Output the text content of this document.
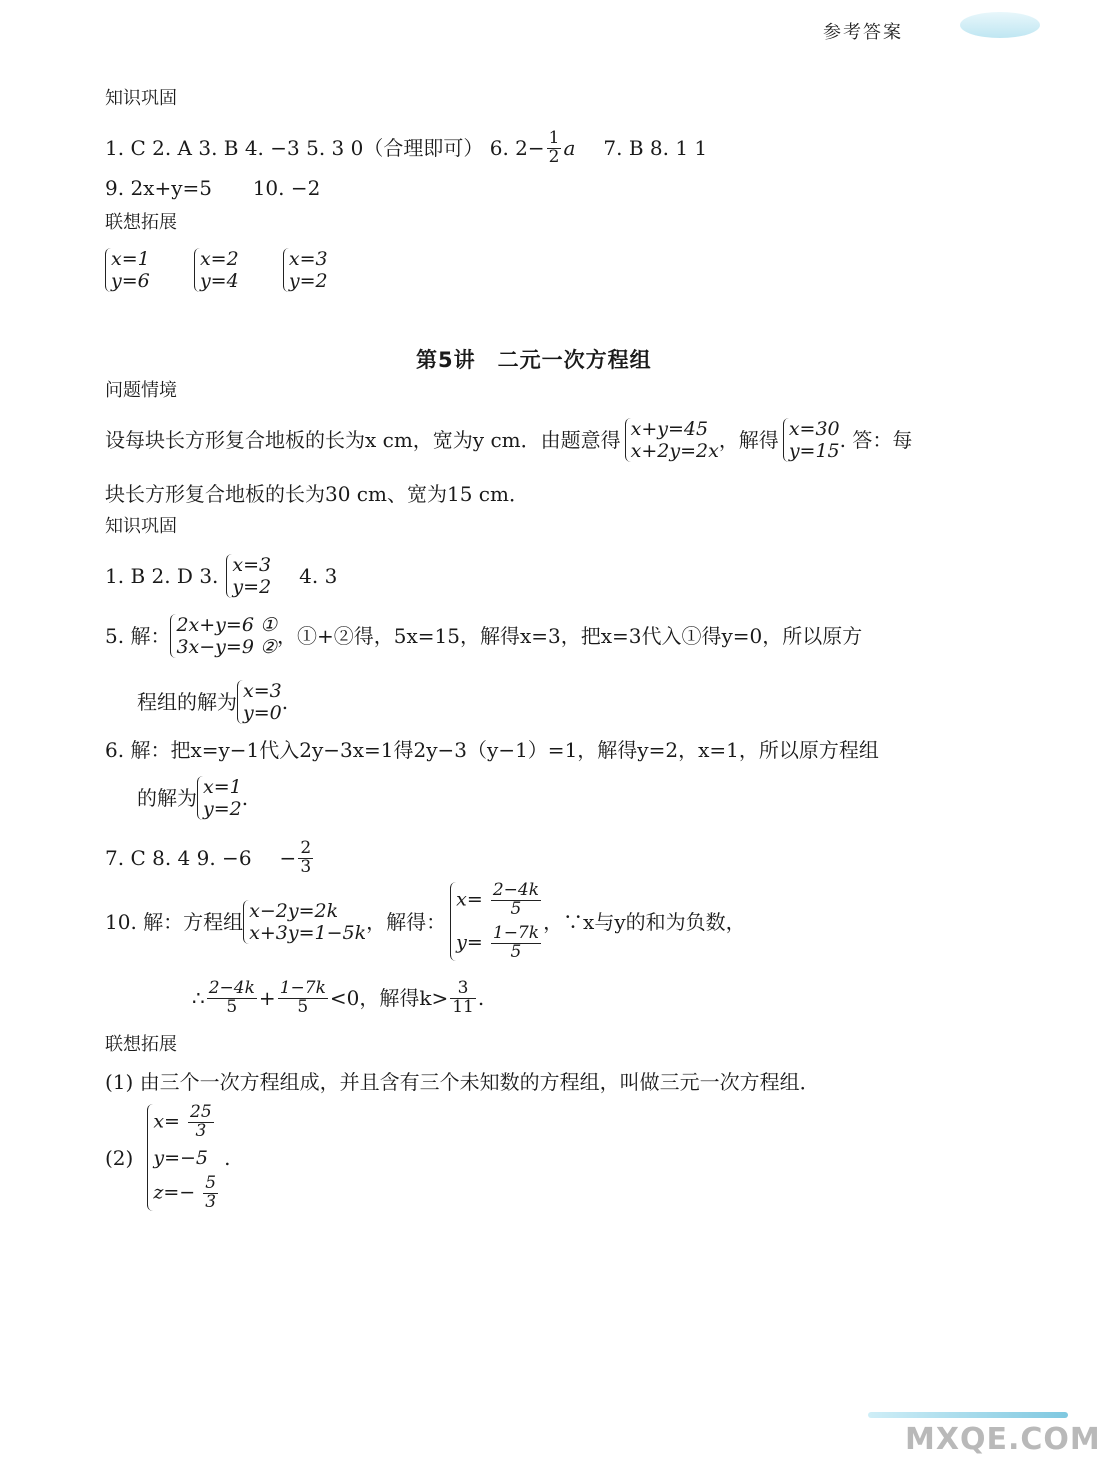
参考答案
知识巩固
1. C 2. A 3. B 4. −3 5. 3 0（合理即可） 6. $2- \frac{1}{2}$ a 7. B 8. 1 1
9. 2x+y=5 10. −2
联想拓展
x=1
y=6

x=2
y=4

x=3
y=2
第5讲　二元一次方程组
问题情境
设每块长方形复合地板的长为x cm，宽为y cm．由题意得 x+y=45
x+2y=2x ，解得 x=30
y=15 . 答：每
块长方形复合地板的长为30 cm、宽为15 cm．
知识巩固
1. B 2. D 3. x=3
y=2 4. 3
5. 解： 2x+y=6 ①
3x−y=9 ② ，①+②得，5x=15，解得x=3，把x=3代入①得y=0，所以原方
程组的解为 x=3
y=0 .
6. 解：把x=y−1代入2y−3x=1得2y−3（y−1）=1，解得y=2，x=1，所以原方程组
的解为 x=1
y=2 .
7. C 8. 4 9. $-6 - \frac{2}{3}$
10. 解：方程组 x−2y=2k
x+3y=1−5k ，解得：
$x= \frac{2-4k}{5}$
$y= \frac{1-7k}{5}$
，∵x与y的和为负数，
∴ $\frac{2-4k}{5} + \frac{1-7k}{5} <0$，解得$k> \frac{3}{11}$ .
联想拓展
(1) 由三个一次方程组成，并且含有三个未知数的方程组，叫做三元一次方程组．
(2)
$x= \frac{25}{3}$
y=−5
$z=- \frac{5}{3}$
.
MXQE.COM
